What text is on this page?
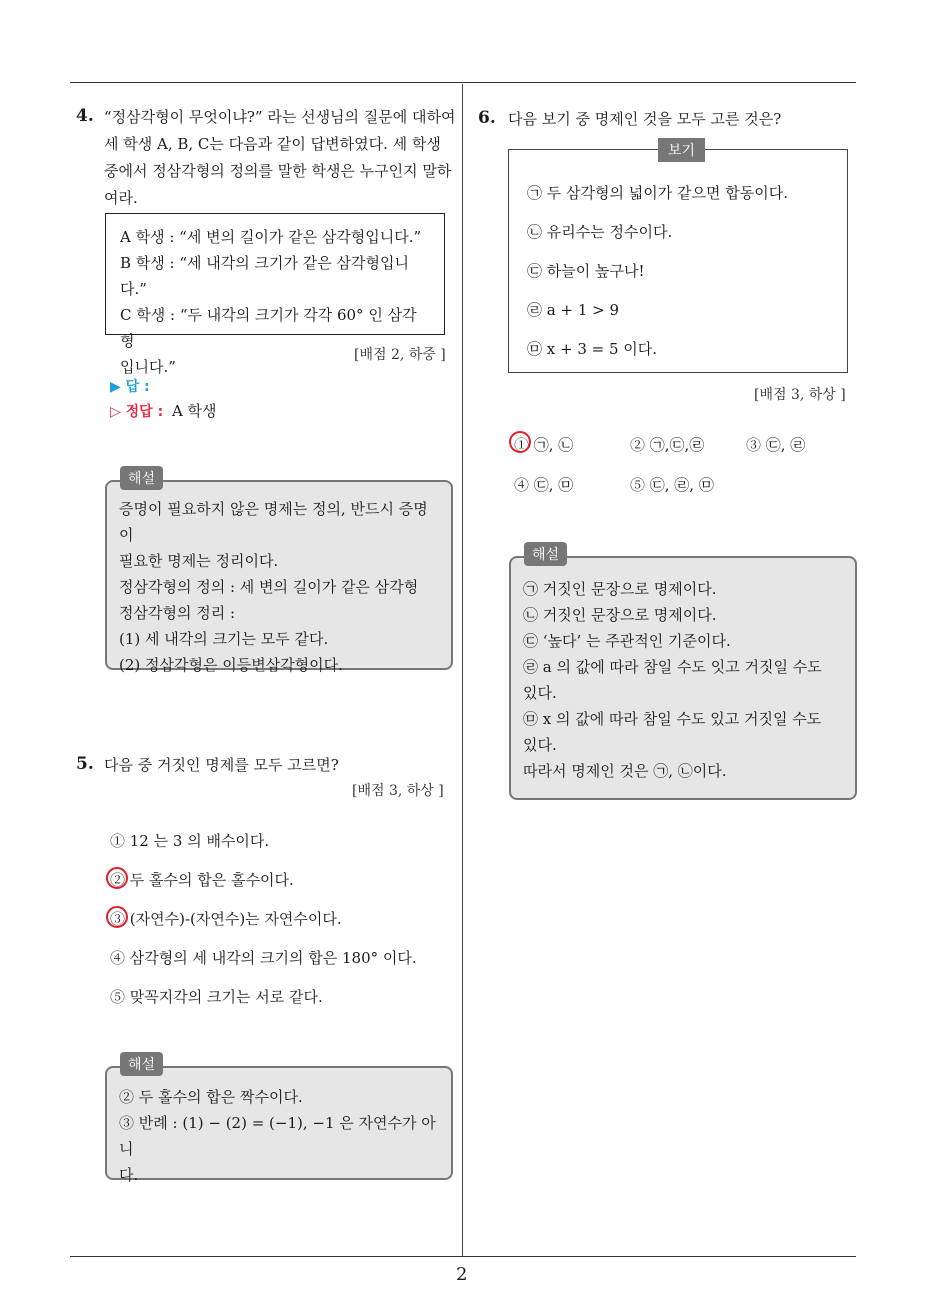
2
4. “정삼각형이 무엇이냐?” 라는 선생님의 질문에 대하여
세 학생 A, B, C는 다음과 같이 답변하였다. 세 학생
중에서 정삼각형의 정의를 말한 학생은 누구인지 말하
여라.
A 학생 : “세 변의 길이가 같은 삼각형입니다.”
B 학생 : “세 내각의 크기가 같은 삼각형입니다.”
C 학생 : “두 내각의 크기가 각각 60° 인 삼각형
입니다.”
[배점 2, 하중 ]
▶ 답 :
▷ 정답 : A 학생
증명이 필요하지 않은 명제는 정의, 반드시 증명이
필요한 명제는 정리이다.
정삼각형의 정의 : 세 변의 길이가 같은 삼각형
정삼각형의 정리 :
(1) 세 내각의 크기는 모두 같다.
(2) 정삼각형은 이등변삼각형이다.
해설
5. 다음 중 거짓인 명제를 모두 고르면?
[배점 3, 하상 ]
① 12 는 3 의 배수이다.
② 두 홀수의 합은 홀수이다.
③ (자연수)-(자연수)는 자연수이다.
④ 삼각형의 세 내각의 크기의 합은 180° 이다.
⑤ 맞꼭지각의 크기는 서로 같다.
② 두 홀수의 합은 짝수이다.
③ 반례 : (1) − (2) = (−1), −1 은 자연수가 아니
다.
해설
6. 다음 보기 중 명제인 것을 모두 고른 것은?
㉠ 두 삼각형의 넓이가 같으면 합동이다.
㉡ 유리수는 정수이다.
㉢ 하늘이 높구나!
㉣ a + 1 > 9
㉤ x + 3 = 5 이다.
보기
[배점 3, 하상 ]
① ㉠, ㉡	② ㉠,㉢,㉣	③ ㉢, ㉣
④ ㉢, ㉤	⑤ ㉢, ㉣, ㉤
㉠ 거짓인 문장으로 명제이다.
㉡ 거짓인 문장으로 명제이다.
㉢ ‘높다’ 는 주관적인 기준이다.
㉣ a 의 값에 따라 참일 수도 잇고 거짓일 수도
있다.
㉤ x 의 값에 따라 참일 수도 있고 거짓일 수도
있다.
따라서 명제인 것은 ㉠, ㉡이다.
해설
